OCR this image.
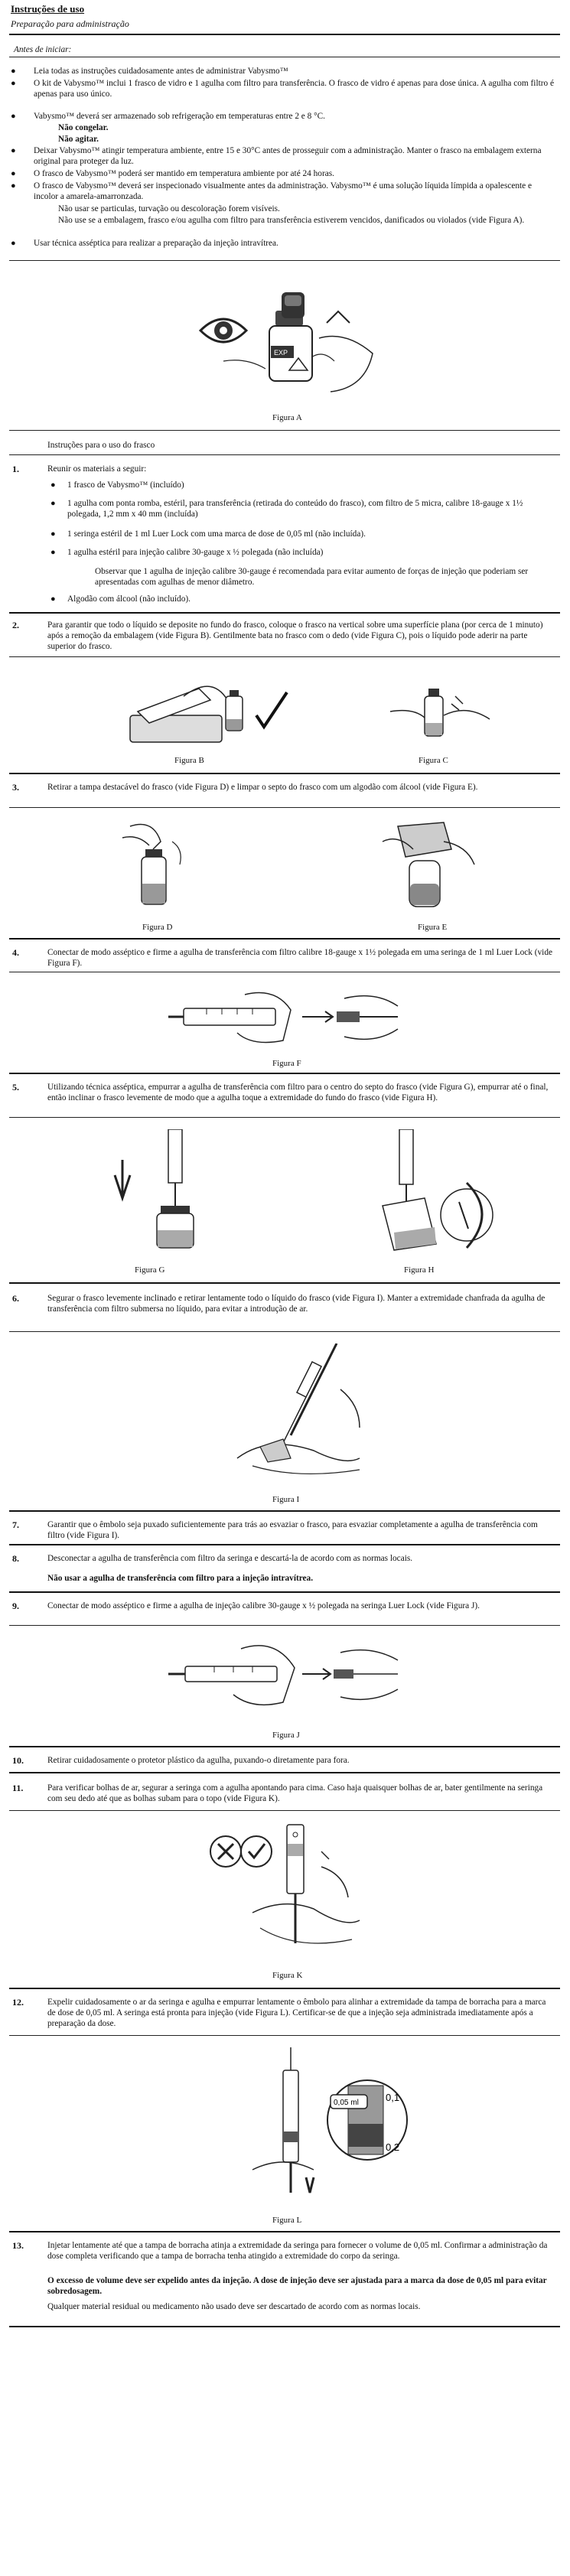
Instruções de uso
Preparação para administração
Antes de iniciar:
● Leia todas as instruções cuidadosamente antes de administrar Vabysmo™
● O kit de Vabysmo™ inclui 1 frasco de vidro e 1 agulha com filtro para transferência. O frasco de vidro é apenas para dose única. A agulha com filtro é apenas para uso único.
● Vabysmo™ deverá ser armazenado sob refrigeração em temperaturas entre 2 e 8 °C.
Não congelar.
Não agitar.
● Deixar Vabysmo™ atingir temperatura ambiente, entre 15 e 30°C antes de prosseguir com a administração. Manter o frasco na embalagem externa original para proteger da luz.
● O frasco de Vabysmo™ poderá ser mantido em temperatura ambiente por até 24 horas.
● O frasco de Vabysmo™ deverá ser inspecionado visualmente antes da administração. Vabysmo™ é uma solução líquida límpida a opalescente e incolor a amarela-amarronzada.
Não usar se particulas, turvação ou descoloração forem visíveis.
Não use se a embalagem, frasco e/ou agulha com filtro para transferência estiverem vencidos, danificados ou violados (vide Figura A).
● Usar técnica asséptica para realizar a preparação da injeção intravítrea.
EXP
Figura A
Instruções para o uso do frasco
1.	Reunir os materiais a seguir:
● 1 frasco de Vabysmo™ (incluído)
● 1 agulha com ponta romba, estéril, para transferência (retirada do conteúdo do frasco), com filtro de 5 micra, calibre 18-gauge x 1½ polegada, 1,2 mm x 40 mm (incluída)
● 1 seringa estéril de 1 ml Luer Lock com uma marca de dose de 0,05 ml (não incluída).
● 1 agulha estéril para injeção calibre 30-gauge x ½ polegada (não incluída)
Observar que 1 agulha de injeção calibre 30-gauge é recomendada para evitar aumento de forças de injeção que poderiam ser apresentadas com agulhas de menor diâmetro.
● Algodão com álcool (não incluído).
2.	Para garantir que todo o líquido se deposite no fundo do frasco, coloque o frasco na vertical sobre uma superfície plana (por cerca de 1 minuto) após a remoção da embalagem (vide Figura B). Gentilmente bata no frasco com o dedo (vide Figura C), pois o líquido pode aderir na parte superior do frasco.
Figura B	Figura C
3.	Retirar a tampa destacável do frasco (vide Figura D) e limpar o septo do frasco com um algodão com álcool (vide Figura E).
Figura D	Figura E
4.	Conectar de modo asséptico e firme a agulha de transferência com filtro calibre 18-gauge x 1½ polegada em uma seringa de 1 ml Luer Lock (vide Figura F).
Figura F
5.	Utilizando técnica asséptica, empurrar a agulha de transferência com filtro para o centro do septo do frasco (vide Figura G), empurrar até o final, então inclinar o frasco levemente de modo que a agulha toque a extremidade do fundo do frasco (vide Figura H).
Figura G	Figura H
6.	Segurar o frasco levemente inclinado e retirar lentamente todo o líquido do frasco (vide Figura I). Manter a extremidade chanfrada da agulha de transferência com filtro submersa no líquido, para evitar a introdução de ar.
Figura I
7.	Garantir que o êmbolo seja puxado suficientemente para trás ao esvaziar o frasco, para esvaziar completamente a agulha de transferência com filtro (vide Figura I).
8.	Desconectar a agulha de transferência com filtro da seringa e descartá-la de acordo com as normas locais.
Não usar a agulha de transferência com filtro para a injeção intravítrea.
9.	Conectar de modo asséptico e firme a agulha de injeção calibre 30-gauge x ½ polegada na seringa Luer Lock (vide Figura J).
Figura J
10.	Retirar cuidadosamente o protetor plástico da agulha, puxando-o diretamente para fora.
11.	Para verificar bolhas de ar, segurar a seringa com a agulha apontando para cima. Caso haja quaisquer bolhas de ar, bater gentilmente na seringa com seu dedo até que as bolhas subam para o topo (vide Figura K).
Figura K
12.	Expelir cuidadosamente o ar da seringa e agulha e empurrar lentamente o êmbolo para alinhar a extremidade da tampa de borracha para a marca de dose de 0,05 ml. A seringa está pronta para injeção (vide Figura L). Certificar-se de que a injeção seja administrada imediatamente após a preparação da dose.
0,05 ml	0,1
0,2
Figura L
13.	Injetar lentamente até que a tampa de borracha atinja a extremidade da seringa para fornecer o volume de 0,05 ml. Confirmar a administração da dose completa verificando que a tampa de borracha tenha atingido a extremidade do corpo da seringa.
O excesso de volume deve ser expelido antes da injeção. A dose de injeção deve ser ajustada para a marca da dose de 0,05 ml para evitar sobredosagem.
Qualquer material residual ou medicamento não usado deve ser descartado de acordo com as normas locais.
